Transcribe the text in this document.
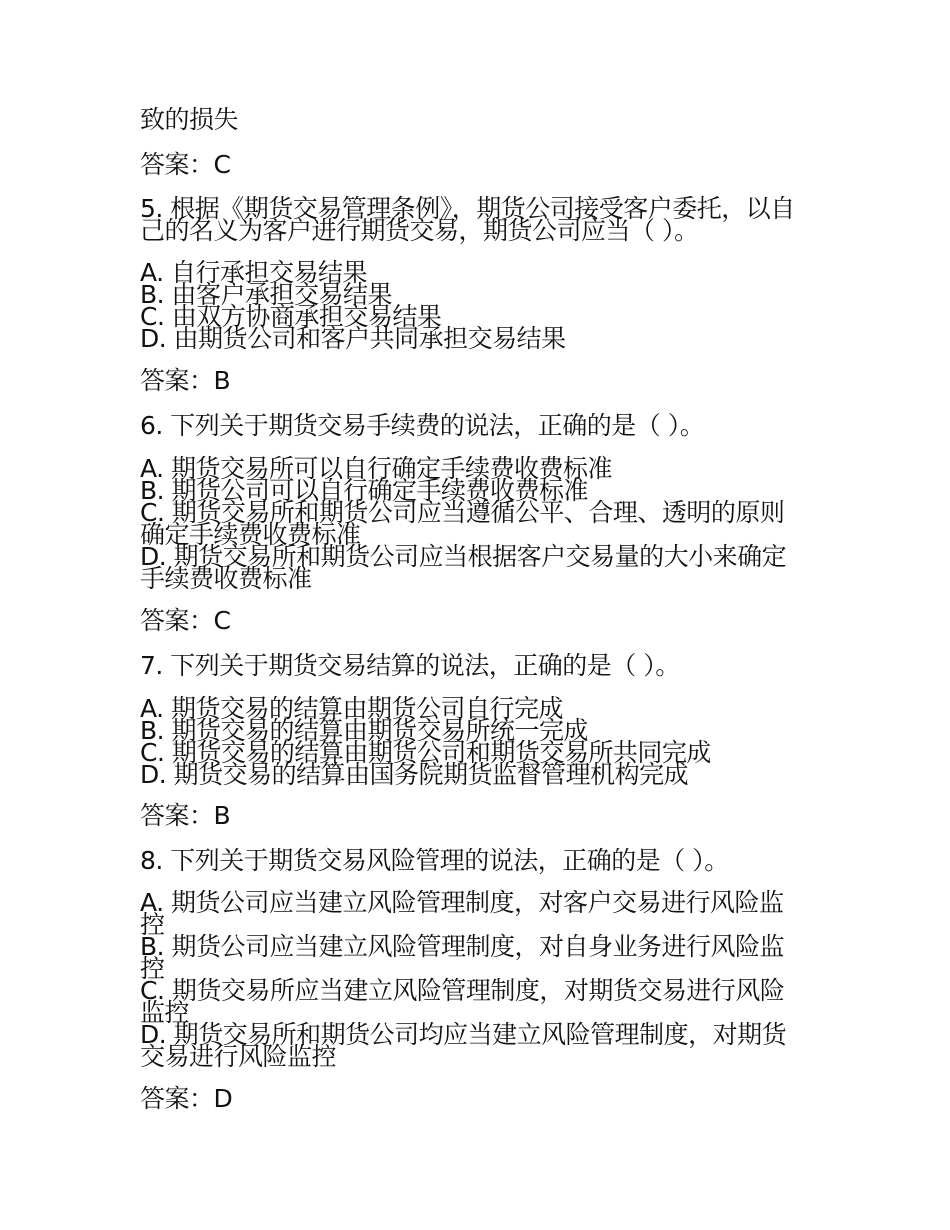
致的损失
答案：C
5. 根据《期货交易管理条例》，期货公司接受客户委托，以自己的名义为客户进行期货交易，期货公司应当（ ）。
A. 自行承担交易结果
B. 由客户承担交易结果
C. 由双方协商承担交易结果
D. 由期货公司和客户共同承担交易结果
答案：B
6. 下列关于期货交易手续费的说法，正确的是（ ）。
A. 期货交易所可以自行确定手续费收费标准
B. 期货公司可以自行确定手续费收费标准
C. 期货交易所和期货公司应当遵循公平、合理、透明的原则确定手续费收费标准
D. 期货交易所和期货公司应当根据客户交易量的大小来确定手续费收费标准
答案：C
7. 下列关于期货交易结算的说法，正确的是（ ）。
A. 期货交易的结算由期货公司自行完成
B. 期货交易的结算由期货交易所统一完成
C. 期货交易的结算由期货公司和期货交易所共同完成
D. 期货交易的结算由国务院期货监督管理机构完成
答案：B
8. 下列关于期货交易风险管理的说法，正确的是（ ）。
A. 期货公司应当建立风险管理制度，对客户交易进行风险监控
B. 期货公司应当建立风险管理制度，对自身业务进行风险监控
C. 期货交易所应当建立风险管理制度，对期货交易进行风险监控
D. 期货交易所和期货公司均应当建立风险管理制度，对期货交易进行风险监控
答案：D
